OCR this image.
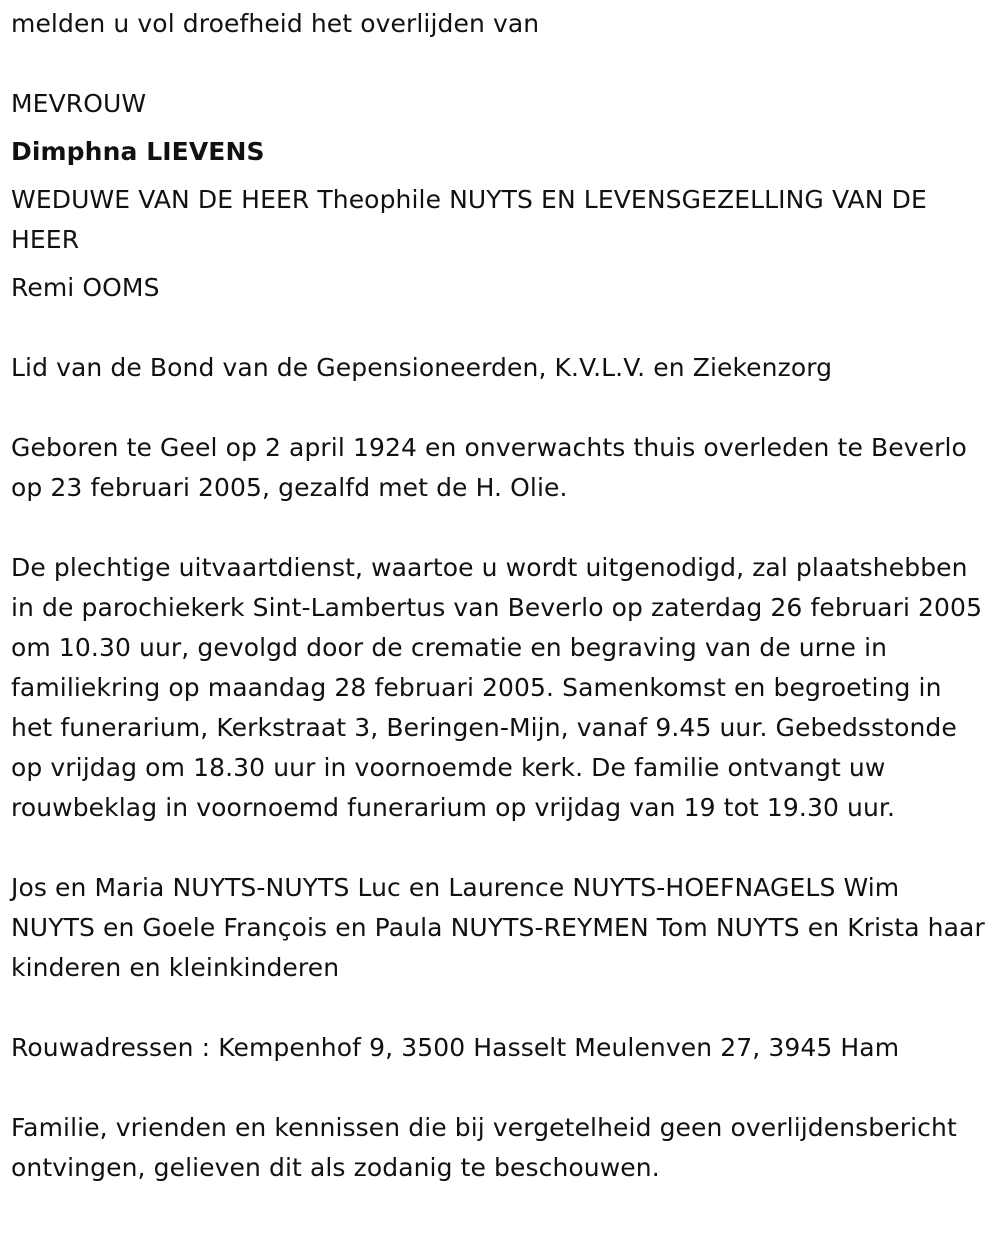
melden u vol droefheid het overlijden van

MEVROUW

Dimphna LIEVENS

WEDUWE VAN DE HEER Theophile NUYTS EN LEVENSGEZELLING VAN DE HEER

Remi OOMS

Lid van de Bond van de Gepensioneerden, K.V.L.V. en Ziekenzorg

Geboren te Geel op 2 april 1924 en onverwachts thuis overleden te Beverlo op 23 februari 2005, gezalfd met de H. Olie.

De plechtige uitvaartdienst, waartoe u wordt uitgenodigd, zal plaatshebben in de parochiekerk Sint-Lambertus van Beverlo op zaterdag 26 februari 2005 om 10.30 uur, gevolgd door de crematie en begraving van de urne in familiekring op maandag 28 februari 2005. Samenkomst en begroeting in het funerarium, Kerkstraat 3, Beringen-Mijn, vanaf 9.45 uur. Gebedsstonde op vrijdag om 18.30 uur in voornoemde kerk. De familie ontvangt uw rouwbeklag in voornoemd funerarium op vrijdag van 19 tot 19.30 uur.

Jos en Maria NUYTS-NUYTS Luc en Laurence NUYTS-HOEFNAGELS Wim NUYTS en Goele François en Paula NUYTS-REYMEN Tom NUYTS en Krista haar kinderen en kleinkinderen

Rouwadressen : Kempenhof 9, 3500 Hasselt Meulenven 27, 3945 Ham

Familie, vrienden en kennissen die bij vergetelheid geen overlijdensbericht ontvingen, gelieven dit als zodanig te beschouwen.
